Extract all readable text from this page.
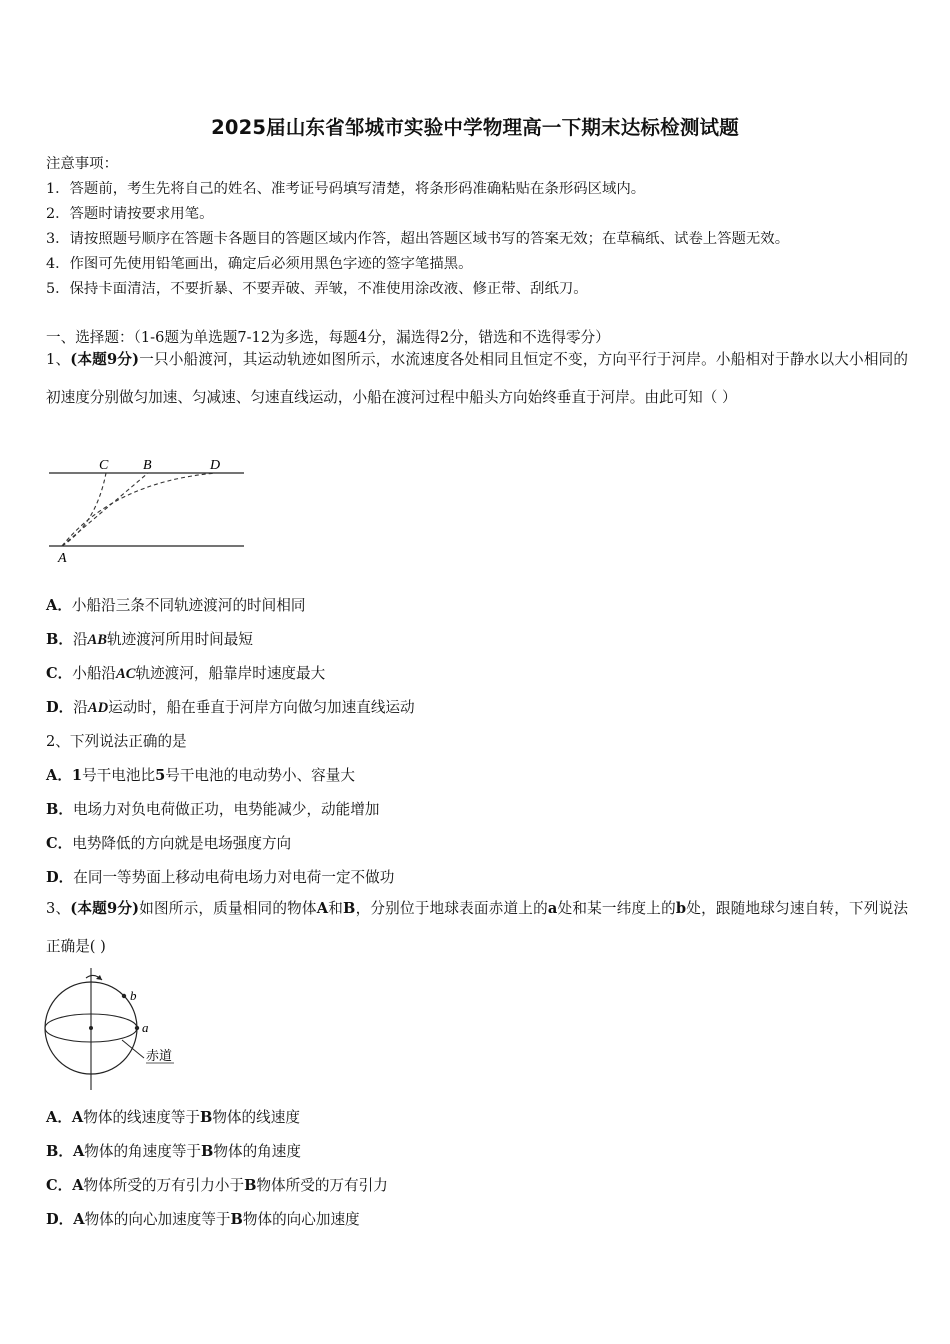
2025届山东省邹城市实验中学物理高一下期末达标检测试题
注意事项：
1．答题前，考生先将自己的姓名、准考证号码填写清楚，将条形码准确粘贴在条形码区域内。
2．答题时请按要求用笔。
3．请按照题号顺序在答题卡各题目的答题区域内作答，超出答题区域书写的答案无效；在草稿纸、试卷上答题无效。
4．作图可先使用铅笔画出，确定后必须用黑色字迹的签字笔描黑。
5．保持卡面清洁，不要折暴、不要弄破、弄皱，不准使用涂改液、修正带、刮纸刀。
一、选择题：（1-6题为单选题7-12为多选，每题4分，漏选得2分，错选和不选得零分）
1、(本题9分)一只小船渡河，其运动轨迹如图所示，水流速度各处相同且恒定不变，方向平行于河岸。小船相对于静水以大小相同的初速度分别做匀加速、匀减速、匀速直线运动，小船在渡河过程中船头方向始终垂直于河岸。由此可知（ ）
C B	D
A
A．小船沿三条不同轨迹渡河的时间相同
B．沿AB轨迹渡河所用时间最短
C．小船沿AC轨迹渡河，船靠岸时速度最大
D．沿AD运动时，船在垂直于河岸方向做匀加速直线运动
2、下列说法正确的是
A．1号干电池比5号干电池的电动势小、容量大
B．电场力对负电荷做正功，电势能减少，动能增加
C．电势降低的方向就是电场强度方向
D．在同一等势面上移动电荷电场力对电荷一定不做功
3、(本题9分)如图所示，质量相同的物体A和B，分别位于地球表面赤道上的a处和某一纬度上的b处，跟随地球匀速自转，下列说法正确是( )
b
a
赤道
A．A物体的线速度等于B物体的线速度
B．A物体的角速度等于B物体的角速度
C．A物体所受的万有引力小于B物体所受的万有引力
D．A物体的向心加速度等于B物体的向心加速度
